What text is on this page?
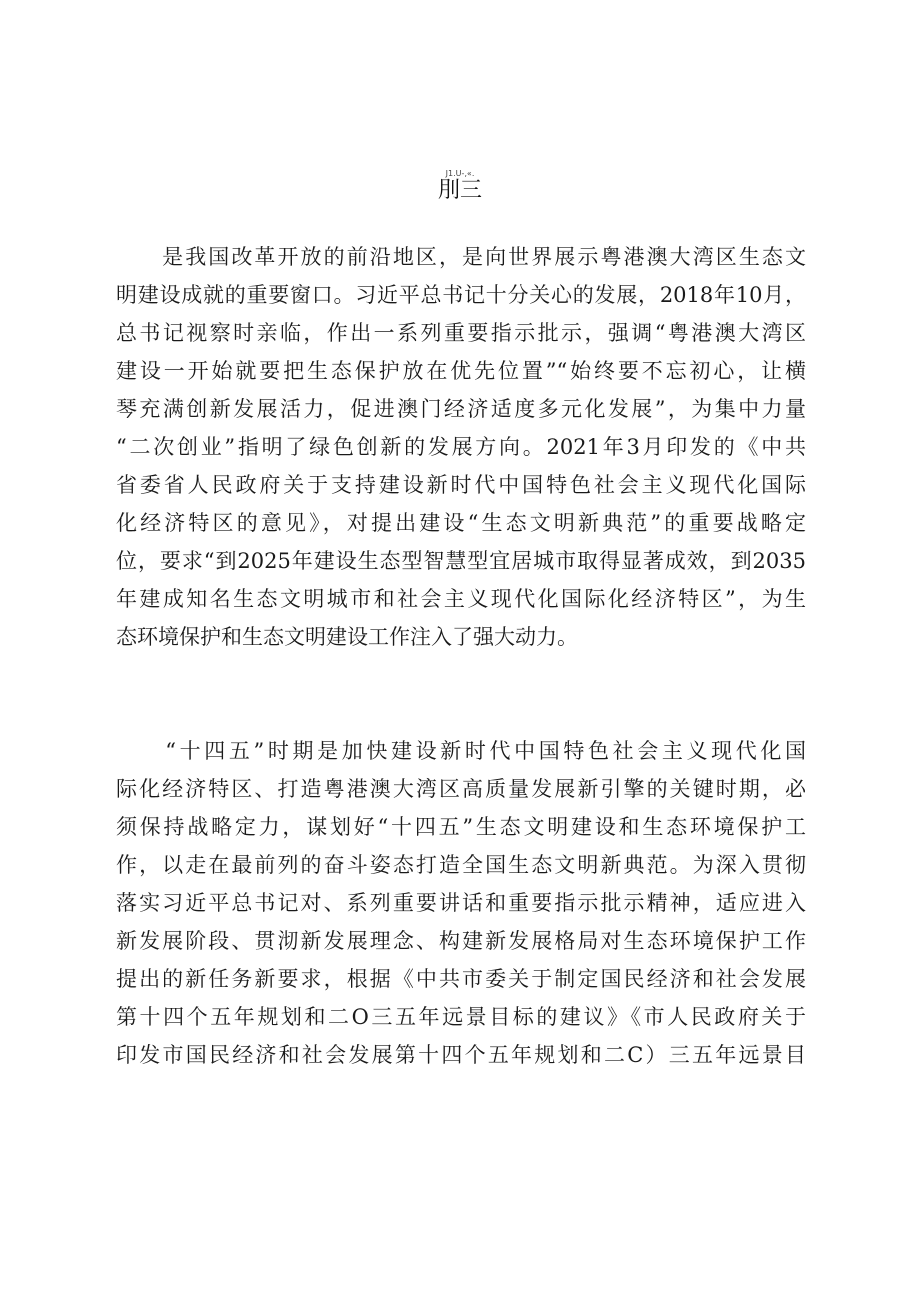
J1.U-‚«.
刖三
　　是我国改革开放的前沿地区，是向世界展示粤港澳大湾区生态文
明建设成就的重要窗口。习近平总书记十分关心的发展，2018年10月，
总书记视察时亲临，作出一系列重要指示批示，强调“粤港澳大湾区
建设一开始就要把生态保护放在优先位置”“始终要不忘初心，让横
琴充满创新发展活力，促进澳门经济适度多元化发展”，为集中力量
“二次创业”指明了绿色创新的发展方向。2021年3月印发的《中共
省委省人民政府关于支持建设新时代中国特色社会主义现代化国际
化经济特区的意见》，对提出建设“生态文明新典范”的重要战略定
位，要求“到2025年建设生态型智慧型宜居城市取得显著成效，到2035
年建成知名生态文明城市和社会主义现代化国际化经济特区”，为生
态环境保护和生态文明建设工作注入了强大动力。
　　“十四五”时期是加快建设新时代中国特色社会主义现代化国
际化经济特区、打造粤港澳大湾区高质量发展新引擎的关键时期，必
须保持战略定力，谋划好“十四五”生态文明建设和生态环境保护工
作，以走在最前列的奋斗姿态打造全国生态文明新典范。为深入贯彻
落实习近平总书记对、系列重要讲话和重要指示批示精神，适应进入
新发展阶段、贯沏新发展理念、构建新发展格局对生态环境保护工作
提出的新任务新要求，根据《中共市委关于制定国民经济和社会发展
第十四个五年规划和二O三五年远景目标的建议》《市人民政府关于
印发市国民经济和社会发展第十四个五年规划和二C）三五年远景目
